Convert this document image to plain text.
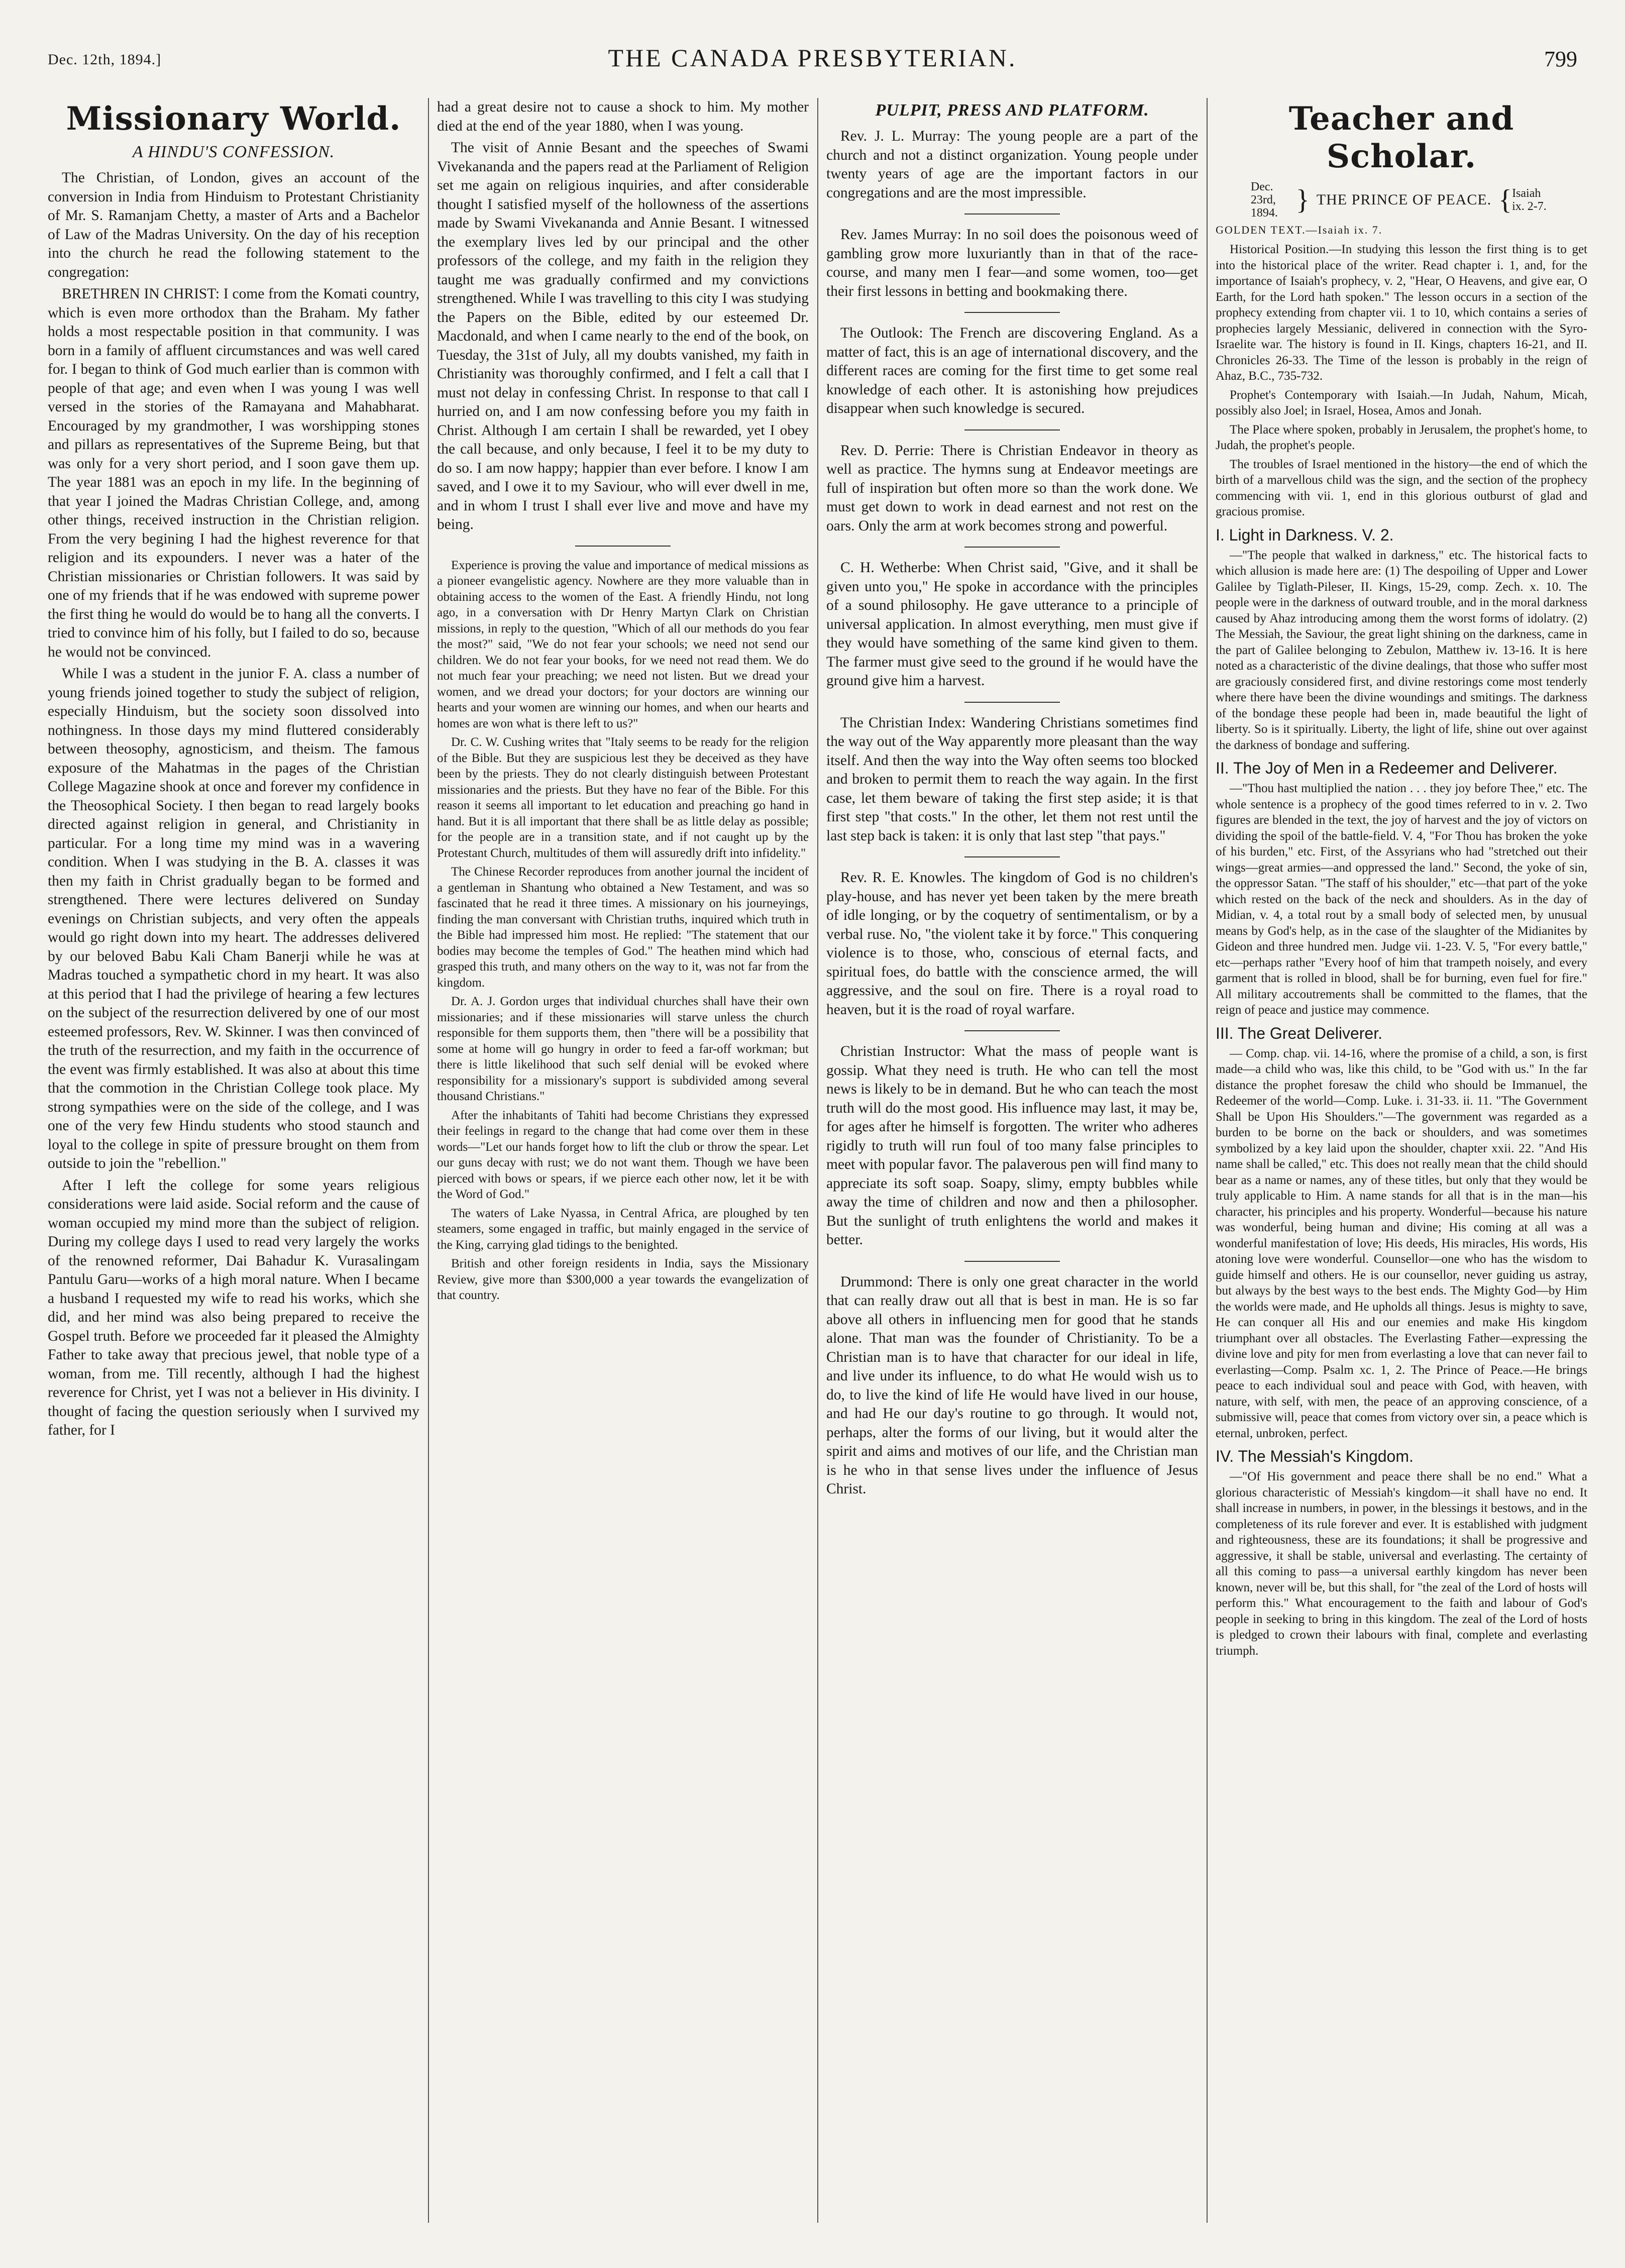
Dec. 12th, 1894.]	THE CANADA PRESBYTERIAN.	799
Missionary World.
A HINDU'S CONFESSION.

The Christian, of London, gives an account of the conversion in India from Hinduism to Protestant Christianity of Mr. S. Ramanjam Chetty, a master of Arts and a Bachelor of Law of the Madras University. On the day of his reception into the church he read the following statement to the congregation:

BRETHREN IN CHRIST: I come from the Komati country, which is even more orthodox than the Braham. My father holds a most respectable position in that community. I was born in a family of affluent circumstances and was well cared for. I began to think of God much earlier than is common with people of that age; and even when I was young I was well versed in the stories of the Ramayana and Mahabharat. Encouraged by my grandmother, I was worshipping stones and pillars as representatives of the Supreme Being, but that was only for a very short period, and I soon gave them up. The year 1881 was an epoch in my life. In the beginning of that year I joined the Madras Christian College, and, among other things, received instruction in the Christian religion. From the very begining I had the highest reverence for that religion and its expounders. I never was a hater of the Christian missionaries or Christian followers. It was said by one of my friends that if he was endowed with supreme power the first thing he would do would be to hang all the converts. I tried to convince him of his folly, but I failed to do so, because he would not be convinced.

While I was a student in the junior F. A. class a number of young friends joined together to study the subject of religion, especially Hinduism, but the society soon dissolved into nothingness. In those days my mind fluttered considerably between theosophy, agnosticism, and theism. The famous exposure of the Mahatmas in the pages of the Christian College Magazine shook at once and forever my confidence in the Theosophical Society. I then began to read largely books directed against religion in general, and Christianity in particular. For a long time my mind was in a wavering condition. When I was studying in the B. A. classes it was then my faith in Christ gradually began to be formed and strengthened. There were lectures delivered on Sunday evenings on Christian subjects, and very often the appeals would go right down into my heart. The addresses delivered by our beloved Babu Kali Cham Banerji while he was at Madras touched a sympathetic chord in my heart. It was also at this period that I had the privilege of hearing a few lectures on the subject of the resurrection delivered by one of our most esteemed professors, Rev. W. Skinner. I was then convinced of the truth of the resurrection, and my faith in the occurrence of the event was firmly established. It was also at about this time that the commotion in the Christian College took place. My strong sympathies were on the side of the college, and I was one of the very few Hindu students who stood staunch and loyal to the college in spite of pressure brought on them from outside to join the "rebellion."

After I left the college for some years religious considerations were laid aside. Social reform and the cause of woman occupied my mind more than the subject of religion. During my college days I used to read very largely the works of the renowned reformer, Dai Bahadur K. Vurasalingam Pantulu Garu—works of a high moral nature. When I became a husband I requested my wife to read his works, which she did, and her mind was also being prepared to receive the Gospel truth. Before we proceeded far it pleased the Almighty Father to take away that precious jewel, that noble type of a woman, from me. Till recently, although I had the highest reverence for Christ, yet I was not a believer in His divinity. I thought of facing the question seriously when I survived my father, for I

had a great desire not to cause a shock to him. My mother died at the end of the year 1880, when I was young.

The visit of Annie Besant and the speeches of Swami Vivekananda and the papers read at the Parliament of Religion set me again on religious inquiries, and after considerable thought I satisfied myself of the hollowness of the assertions made by Swami Vivekananda and Annie Besant. I witnessed the exemplary lives led by our principal and the other professors of the college, and my faith in the religion they taught me was gradually confirmed and my convictions strengthened. While I was travelling to this city I was studying the Papers on the Bible, edited by our esteemed Dr. Macdonald, and when I came nearly to the end of the book, on Tuesday, the 31st of July, all my doubts vanished, my faith in Christianity was thoroughly confirmed, and I felt a call that I must not delay in confessing Christ. In response to that call I hurried on, and I am now confessing before you my faith in Christ. Although I am certain I shall be rewarded, yet I obey the call because, and only because, I feel it to be my duty to do so. I am now happy; happier than ever before. I know I am saved, and I owe it to my Saviour, who will ever dwell in me, and in whom I trust I shall ever live and move and have my being.

Experience is proving the value and importance of medical missions as a pioneer evangelistic agency. Nowhere are they more valuable than in obtaining access to the women of the East. A friendly Hindu, not long ago, in a conversation with Dr Henry Martyn Clark on Christian missions, in reply to the question, "Which of all our methods do you fear the most?" said, "We do not fear your schools; we need not send our children. We do not fear your books, for we need not read them. We do not much fear your preaching; we need not listen. But we dread your women, and we dread your doctors; for your doctors are winning our hearts and your women are winning our homes, and when our hearts and homes are won what is there left to us?"

Dr. C. W. Cushing writes that "Italy seems to be ready for the religion of the Bible. But they are suspicious lest they be deceived as they have been by the priests. They do not clearly distinguish between Protestant missionaries and the priests. But they have no fear of the Bible. For this reason it seems all important to let education and preaching go hand in hand. But it is all important that there shall be as little delay as possible; for the people are in a transition state, and if not caught up by the Protestant Church, multitudes of them will assuredly drift into infidelity."

The Chinese Recorder reproduces from another journal the incident of a gentleman in Shantung who obtained a New Testament, and was so fascinated that he read it three times. A missionary on his journeyings, finding the man conversant with Christian truths, inquired which truth in the Bible had impressed him most. He replied: "The statement that our bodies may become the temples of God." The heathen mind which had grasped this truth, and many others on the way to it, was not far from the kingdom.

Dr. A. J. Gordon urges that individual churches shall have their own missionaries; and if these missionaries will starve unless the church responsible for them supports them, then "there will be a possibility that some at home will go hungry in order to feed a far-off workman; but there is little likelihood that such self denial will be evoked where responsibility for a missionary's support is subdivided among several thousand Christians."

After the inhabitants of Tahiti had become Christians they expressed their feelings in regard to the change that had come over them in these words—"Let our hands forget how to lift the club or throw the spear. Let our guns decay with rust; we do not want them. Though we have been pierced with bows or spears, if we pierce each other now, let it be with the Word of God."

The waters of Lake Nyassa, in Central Africa, are ploughed by ten steamers, some engaged in traffic, but mainly engaged in the service of the King, carrying glad tidings to the benighted.

British and other foreign residents in India, says the Missionary Review, give more than $300,000 a year towards the evangelization of that country.

PULPIT, PRESS AND PLATFORM.

Rev. J. L. Murray: The young people are a part of the church and not a distinct organization. Young people under twenty years of age are the important factors in our congregations and are the most impressible.

Rev. James Murray: In no soil does the poisonous weed of gambling grow more luxuriantly than in that of the race-course, and many men I fear—and some women, too—get their first lessons in betting and bookmaking there.

The Outlook: The French are discovering England. As a matter of fact, this is an age of international discovery, and the different races are coming for the first time to get some real knowledge of each other. It is astonishing how prejudices disappear when such knowledge is secured.

Rev. D. Perrie: There is Christian Endeavor in theory as well as practice. The hymns sung at Endeavor meetings are full of inspiration but often more so than the work done. We must get down to work in dead earnest and not rest on the oars. Only the arm at work becomes strong and powerful.

C. H. Wetherbe: When Christ said, "Give, and it shall be given unto you," He spoke in accordance with the principles of a sound philosophy. He gave utterance to a principle of universal application. In almost everything, men must give if they would have something of the same kind given to them. The farmer must give seed to the ground if he would have the ground give him a harvest.

The Christian Index: Wandering Christians sometimes find the way out of the Way apparently more pleasant than the way itself. And then the way into the Way often seems too blocked and broken to permit them to reach the way again. In the first case, let them beware of taking the first step aside; it is that first step "that costs." In the other, let them not rest until the last step back is taken: it is only that last step "that pays."

Rev. R. E. Knowles. The kingdom of God is no children's play-house, and has never yet been taken by the mere breath of idle longing, or by the coquetry of sentimentalism, or by a verbal ruse. No, "the violent take it by force." This conquering violence is to those, who, conscious of eternal facts, and spiritual foes, do battle with the conscience armed, the will aggressive, and the soul on fire. There is a royal road to heaven, but it is the road of royal warfare.

Christian Instructor: What the mass of people want is gossip. What they need is truth. He who can tell the most news is likely to be in demand. But he who can teach the most truth will do the most good. His influence may last, it may be, for ages after he himself is forgotten. The writer who adheres rigidly to truth will run foul of too many false principles to meet with popular favor. The palaverous pen will find many to appreciate its soft soap. Soapy, slimy, empty bubbles while away the time of children and now and then a philosopher. But the sunlight of truth enlightens the world and makes it better.

Drummond: There is only one great character in the world that can really draw out all that is best in man. He is so far above all others in influencing men for good that he stands alone. That man was the founder of Christianity. To be a Christian man is to have that character for our ideal in life, and live under its influence, to do what He would wish us to do, to live the kind of life He would have lived in our house, and had He our day's routine to go through. It would not, perhaps, alter the forms of our living, but it would alter the spirit and aims and motives of our life, and the Christian man is he who in that sense lives under the influence of Jesus Christ.

Teacher and Scholar.
Dec. 23rd, 1894. } THE PRINCE OF PEACE. { Isaiah ix. 2-7.
GOLDEN TEXT.—Isaiah ix. 7.

Historical Position.—In studying this lesson the first thing is to get into the historical place of the writer. Read chapter i. 1, and, for the importance of Isaiah's prophecy, v. 2, "Hear, O Heavens, and give ear, O Earth, for the Lord hath spoken." The lesson occurs in a section of the prophecy extending from chapter vii. 1 to 10, which contains a series of prophecies largely Messianic, delivered in connection with the Syro-Israelite war. The history is found in II. Kings, chapters 16-21, and II. Chronicles 26-33. The Time of the lesson is probably in the reign of Ahaz, B.C., 735-732.

Prophet's Contemporary with Isaiah.—In Judah, Nahum, Micah, possibly also Joel; in Israel, Hosea, Amos and Jonah.

The Place where spoken, probably in Jerusalem, the prophet's home, to Judah, the prophet's people.

The troubles of Israel mentioned in the history—the end of which the birth of a marvellous child was the sign, and the section of the prophecy commencing with vii. 1, end in this glorious outburst of glad and gracious promise.

I. Light in Darkness. V. 2.

—"The people that walked in darkness," etc. The historical facts to which allusion is made here are: (1) The despoiling of Upper and Lower Galilee by Tiglath-Pileser, II. Kings, 15-29, comp. Zech. x. 10. The people were in the darkness of outward trouble, and in the moral darkness caused by Ahaz introducing among them the worst forms of idolatry. (2) The Messiah, the Saviour, the great light shining on the darkness, came in the part of Galilee belonging to Zebulon, Matthew iv. 13-16. It is here noted as a characteristic of the divine dealings, that those who suffer most are graciously considered first, and divine restorings come most tenderly where there have been the divine woundings and smitings. The darkness of the bondage these people had been in, made beautiful the light of liberty. So is it spiritually. Liberty, the light of life, shine out over against the darkness of bondage and suffering.

II. The Joy of Men in a Redeemer and Deliverer.

—"Thou hast multiplied the nation . . . they joy before Thee," etc. The whole sentence is a prophecy of the good times referred to in v. 2. Two figures are blended in the text, the joy of harvest and the joy of victors on dividing the spoil of the battle-field. V. 4, "For Thou has broken the yoke of his burden," etc. First, of the Assyrians who had "stretched out their wings—great armies—and oppressed the land." Second, the yoke of sin, the oppressor Satan. "The staff of his shoulder," etc—that part of the yoke which rested on the back of the neck and shoulders. As in the day of Midian, v. 4, a total rout by a small body of selected men, by unusual means by God's help, as in the case of the slaughter of the Midianites by Gideon and three hundred men. Judge vii. 1-23. V. 5, "For every battle," etc—perhaps rather "Every hoof of him that trampeth noisely, and every garment that is rolled in blood, shall be for burning, even fuel for fire." All military accoutrements shall be committed to the flames, that the reign of peace and justice may commence.

III. The Great Deliverer.

— Comp. chap. vii. 14-16, where the promise of a child, a son, is first made—a child who was, like this child, to be "God with us." In the far distance the prophet foresaw the child who should be Immanuel, the Redeemer of the world—Comp. Luke. i. 31-33. ii. 11. "The Government Shall be Upon His Shoulders."—The government was regarded as a burden to be borne on the back or shoulders, and was sometimes symbolized by a key laid upon the shoulder, chapter xxii. 22. "And His name shall be called," etc. This does not really mean that the child should bear as a name or names, any of these titles, but only that they would be truly applicable to Him. A name stands for all that is in the man—his character, his principles and his property. Wonderful—because his nature was wonderful, being human and divine; His coming at all was a wonderful manifestation of love; His deeds, His miracles, His words, His atoning love were wonderful. Counsellor—one who has the wisdom to guide himself and others. He is our counsellor, never guiding us astray, but always by the best ways to the best ends. The Mighty God—by Him the worlds were made, and He upholds all things. Jesus is mighty to save, He can conquer all His and our enemies and make His kingdom triumphant over all obstacles. The Everlasting Father—expressing the divine love and pity for men from everlasting a love that can never fail to everlasting—Comp. Psalm xc. 1, 2. The Prince of Peace.—He brings peace to each individual soul and peace with God, with heaven, with nature, with self, with men, the peace of an approving conscience, of a submissive will, peace that comes from victory over sin, a peace which is eternal, unbroken, perfect.

IV. The Messiah's Kingdom.

—"Of His government and peace there shall be no end." What a glorious characteristic of Messiah's kingdom—it shall have no end. It shall increase in numbers, in power, in the blessings it bestows, and in the completeness of its rule forever and ever. It is established with judgment and righteousness, these are its foundations; it shall be progressive and aggressive, it shall be stable, universal and everlasting. The certainty of all this coming to pass—a universal earthly kingdom has never been known, never will be, but this shall, for "the zeal of the Lord of hosts will perform this." What encouragement to the faith and labour of God's people in seeking to bring in this kingdom. The zeal of the Lord of hosts is pledged to crown their labours with final, complete and everlasting triumph.
